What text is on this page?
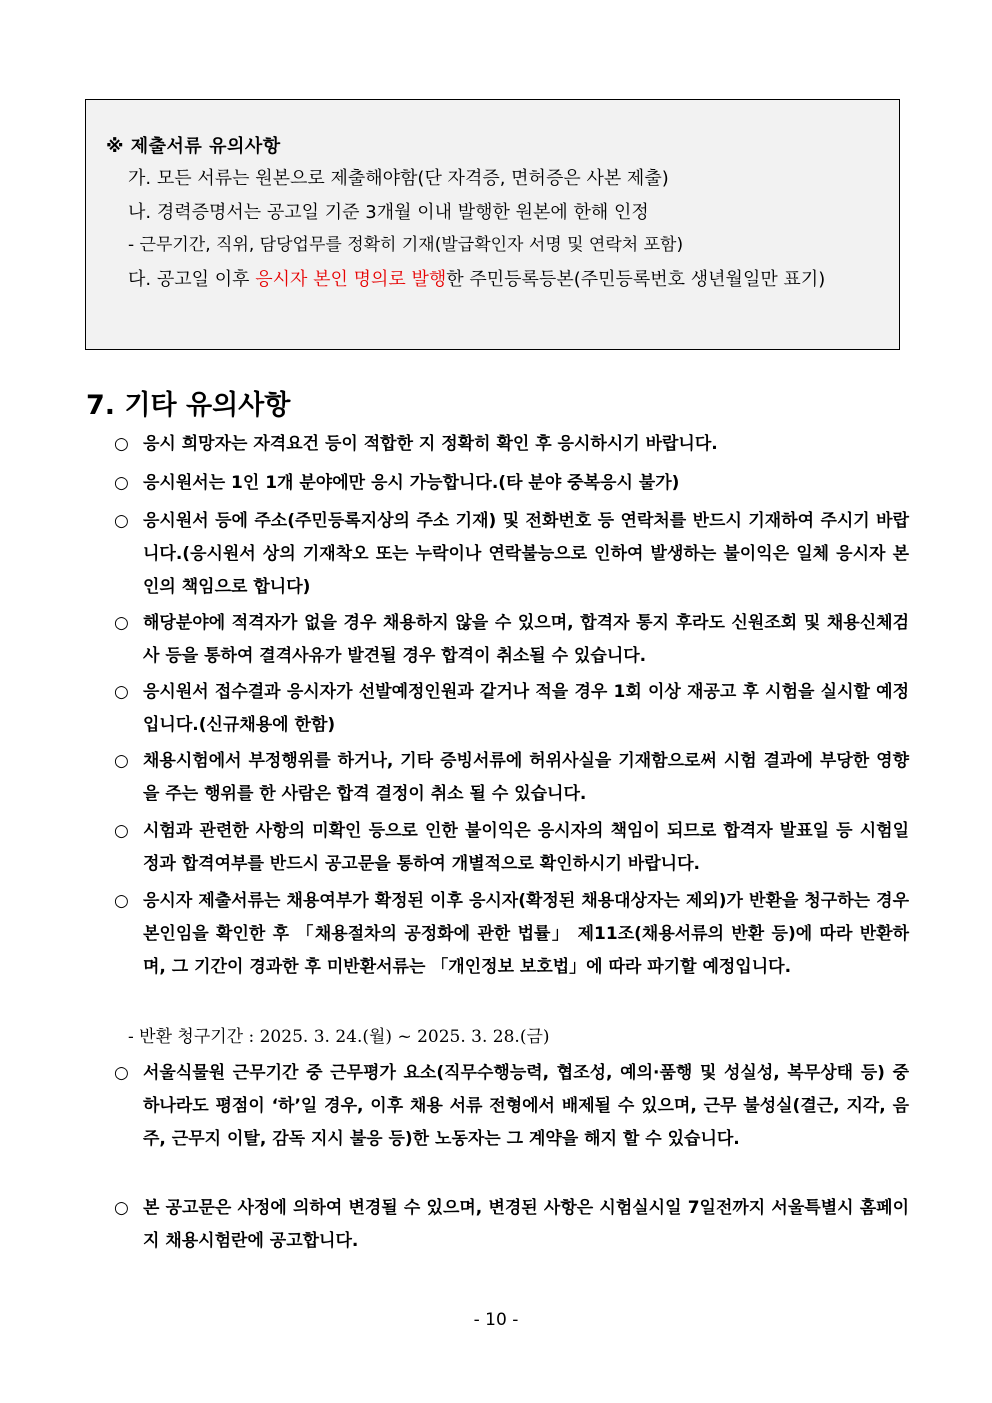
※ 제출서류 유의사항
가. 모든 서류는 원본으로 제출해야함(단 자격증, 면허증은 사본 제출)
나. 경력증명서는 공고일 기준 3개월 이내 발행한 원본에 한해 인정
- 근무기간, 직위, 담당업무를 정확히 기재(발급확인자 서명 및 연락처 포함)
다. 공고일 이후 응시자 본인 명의로 발행한 주민등록등본(주민등록번호 생년월일만 표기)
7. 기타 유의사항
○ 응시 희망자는 자격요건 등이 적합한 지 정확히 확인 후 응시하시기 바랍니다.
○ 응시원서는 1인 1개 분야에만 응시 가능합니다.(타 분야 중복응시 불가)
○ 응시원서 등에 주소(주민등록지상의 주소 기재) 및 전화번호 등 연락처를 반드시 기재하여 주시기 바랍니다.(응시원서 상의 기재착오 또는 누락이나 연락불능으로 인하여 발생하는 불이익은 일체 응시자 본인의 책임으로 합니다)
○ 해당분야에 적격자가 없을 경우 채용하지 않을 수 있으며, 합격자 통지 후라도 신원조회 및 채용신체검사 등을 통하여 결격사유가 발견될 경우 합격이 취소될 수 있습니다.
○ 응시원서 접수결과 응시자가 선발예정인원과 같거나 적을 경우 1회 이상 재공고 후 시험을 실시할 예정입니다.(신규채용에 한함)
○ 채용시험에서 부정행위를 하거나, 기타 증빙서류에 허위사실을 기재함으로써 시험 결과에 부당한 영향을 주는 행위를 한 사람은 합격 결정이 취소 될 수 있습니다.
○ 시험과 관련한 사항의 미확인 등으로 인한 불이익은 응시자의 책임이 되므로 합격자 발표일 등 시험일정과 합격여부를 반드시 공고문을 통하여 개별적으로 확인하시기 바랍니다.
○ 응시자 제출서류는 채용여부가 확정된 이후 응시자(확정된 채용대상자는 제외)가 반환을 청구하는 경우 본인임을 확인한 후 「채용절차의 공정화에 관한 법률」 제11조(채용서류의 반환 등)에 따라 반환하며, 그 기간이 경과한 후 미반환서류는 「개인정보 보호법」에 따라 파기할 예정입니다.
- 반환 청구기간 : 2025. 3. 24.(월) ~ 2025. 3. 28.(금)
○ 서울식물원 근무기간 중 근무평가 요소(직무수행능력, 협조성, 예의·품행 및 성실성, 복무상태 등) 중 하나라도 평점이 ‘하’일 경우, 이후 채용 서류 전형에서 배제될 수 있으며, 근무 불성실(결근, 지각, 음주, 근무지 이탈, 감독 지시 불응 등)한 노동자는 그 계약을 해지 할 수 있습니다.
○ 본 공고문은 사정에 의하여 변경될 수 있으며, 변경된 사항은 시험실시일 7일전까지 서울특별시 홈페이지 채용시험란에 공고합니다.
- 10 -
